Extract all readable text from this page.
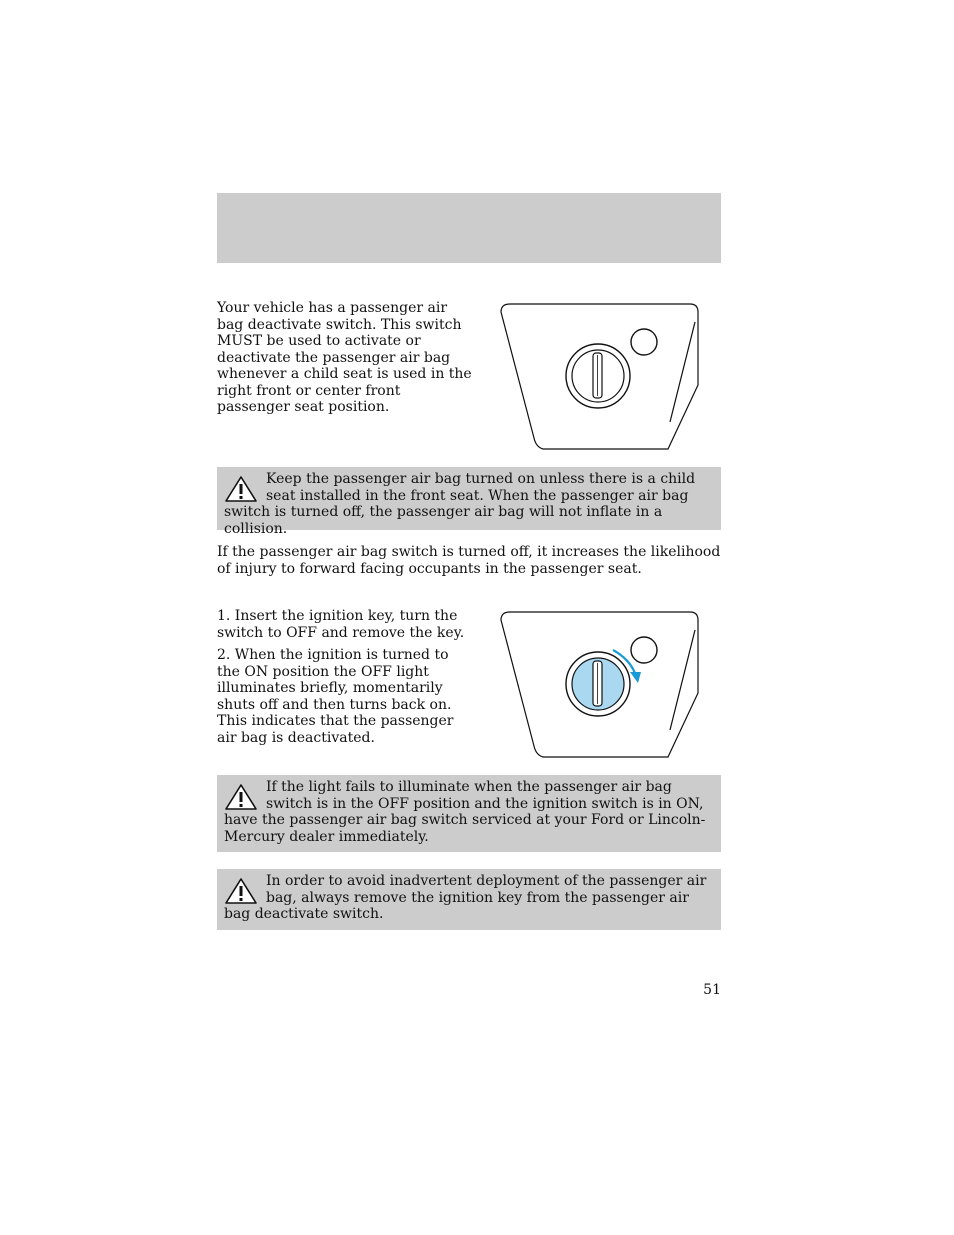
Your vehicle has a passenger air bag deactivate switch. This switch MUST be used to activate or deactivate the passenger air bag whenever a child seat is used in the right front or center front passenger seat position.

Keep the passenger air bag turned on unless there is a child seat installed in the front seat. When the passenger air bag switch is turned off, the passenger air bag will not inflate in a collision.

If the passenger air bag switch is turned off, it increases the likelihood of injury to forward facing occupants in the passenger seat.

1. Insert the ignition key, turn the switch to OFF and remove the key.

2. When the ignition is turned to the ON position the OFF light illuminates briefly, momentarily shuts off and then turns back on. This indicates that the passenger air bag is deactivated.

If the light fails to illuminate when the passenger air bag switch is in the OFF position and the ignition switch is in ON, have the passenger air bag switch serviced at your Ford or Lincoln-Mercury dealer immediately.

In order to avoid inadvertent deployment of the passenger air bag, always remove the ignition key from the passenger air bag deactivate switch.

51
